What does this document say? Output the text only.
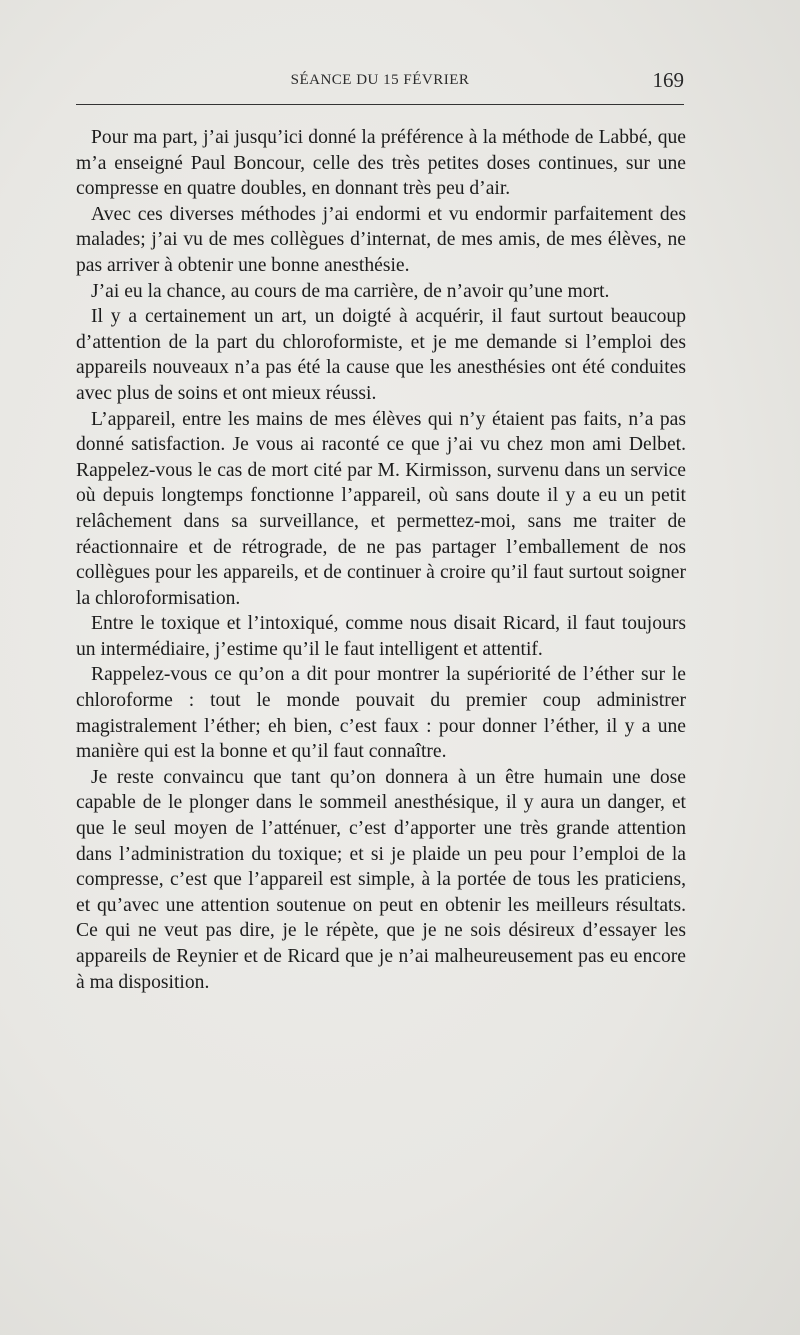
SÉANCE DU 15 FÉVRIER	169

Pour ma part, j’ai jusqu’ici donné la préférence à la méthode de Labbé, que m’a enseigné Paul Boncour, celle des très petites doses continues, sur une compresse en quatre doubles, en donnant très peu d’air.

Avec ces diverses méthodes j’ai endormi et vu endormir parfaitement des malades; j’ai vu de mes collègues d’internat, de mes amis, de mes élèves, ne pas arriver à obtenir une bonne anesthésie.

J’ai eu la chance, au cours de ma carrière, de n’avoir qu’une mort.

Il y a certainement un art, un doigté à acquérir, il faut surtout beaucoup d’attention de la part du chloroformiste, et je me demande si l’emploi des appareils nouveaux n’a pas été la cause que les anesthésies ont été conduites avec plus de soins et ont mieux réussi.

L’appareil, entre les mains de mes élèves qui n’y étaient pas faits, n’a pas donné satisfaction. Je vous ai raconté ce que j’ai vu chez mon ami Delbet. Rappelez-vous le cas de mort cité par M. Kirmisson, survenu dans un service où depuis longtemps fonctionne l’appareil, où sans doute il y a eu un petit relâchement dans sa surveillance, et permettez-moi, sans me traiter de réactionnaire et de rétrograde, de ne pas partager l’emballement de nos collègues pour les appareils, et de continuer à croire qu’il faut surtout soigner la chloroformisation.

Entre le toxique et l’intoxiqué, comme nous disait Ricard, il faut toujours un intermédiaire, j’estime qu’il le faut intelligent et attentif.

Rappelez-vous ce qu’on a dit pour montrer la supériorité de l’éther sur le chloroforme : tout le monde pouvait du premier coup administrer magistralement l’éther; eh bien, c’est faux : pour donner l’éther, il y a une manière qui est la bonne et qu’il faut connaître.

Je reste convaincu que tant qu’on donnera à un être humain une dose capable de le plonger dans le sommeil anesthésique, il y aura un danger, et que le seul moyen de l’atténuer, c’est d’apporter une très grande attention dans l’administration du toxique; et si je plaide un peu pour l’emploi de la compresse, c’est que l’appareil est simple, à la portée de tous les praticiens, et qu’avec une attention soutenue on peut en obtenir les meilleurs résultats. Ce qui ne veut pas dire, je le répète, que je ne sois désireux d’essayer les appareils de Reynier et de Ricard que je n’ai malheureusement pas eu encore à ma disposition.
